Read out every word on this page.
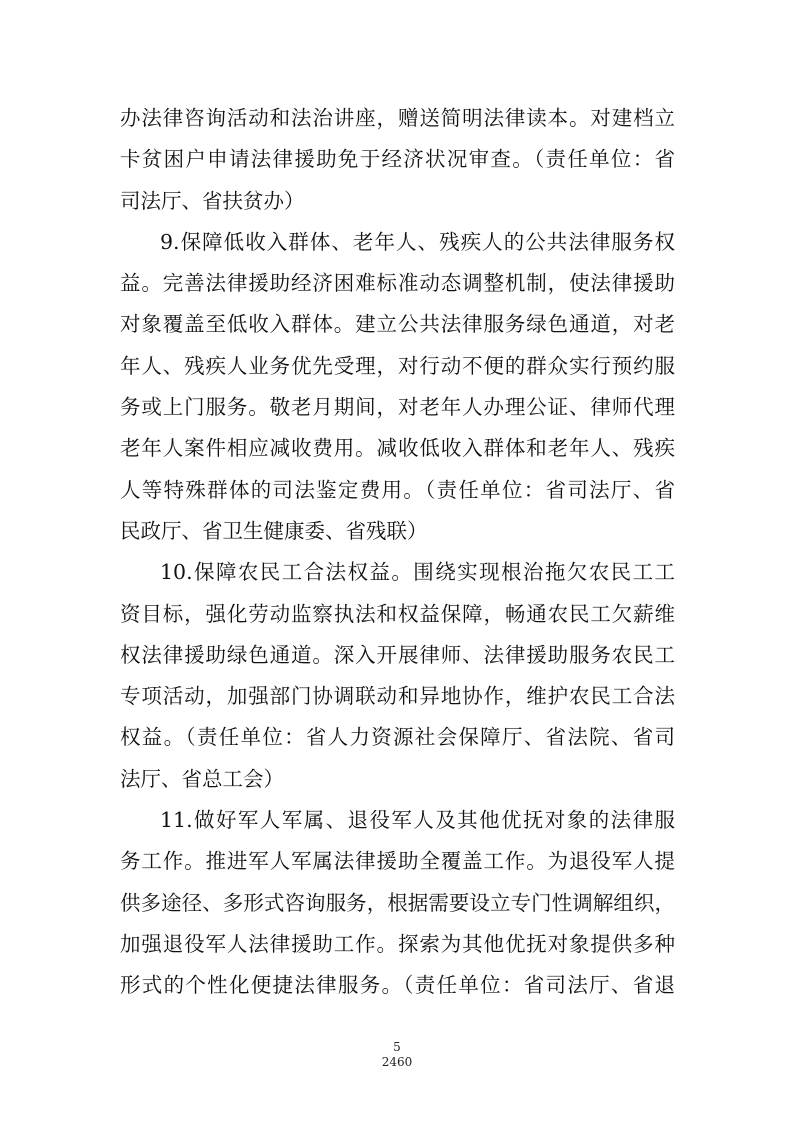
办法律咨询活动和法治讲座，赠送简明法律读本。对建档立
卡贫困户申请法律援助免于经济状况审查。（责任单位：省
司法厅、省扶贫办）
9.保障低收入群体、老年人、残疾人的公共法律服务权
益。完善法律援助经济困难标准动态调整机制，使法律援助
对象覆盖至低收入群体。建立公共法律服务绿色通道，对老
年人、残疾人业务优先受理，对行动不便的群众实行预约服
务或上门服务。敬老月期间，对老年人办理公证、律师代理
老年人案件相应减收费用。减收低收入群体和老年人、残疾
人等特殊群体的司法鉴定费用。（责任单位：省司法厅、省
民政厅、省卫生健康委、省残联）
10.保障农民工合法权益。围绕实现根治拖欠农民工工
资目标，强化劳动监察执法和权益保障，畅通农民工欠薪维
权法律援助绿色通道。深入开展律师、法律援助服务农民工
专项活动，加强部门协调联动和异地协作，维护农民工合法
权益。（责任单位：省人力资源社会保障厅、省法院、省司
法厅、省总工会）
11.做好军人军属、退役军人及其他优抚对象的法律服
务工作。推进军人军属法律援助全覆盖工作。为退役军人提
供多途径、多形式咨询服务，根据需要设立专门性调解组织，
加强退役军人法律援助工作。探索为其他优抚对象提供多种
形式的个性化便捷法律服务。（责任单位：省司法厅、省退
5
2460
